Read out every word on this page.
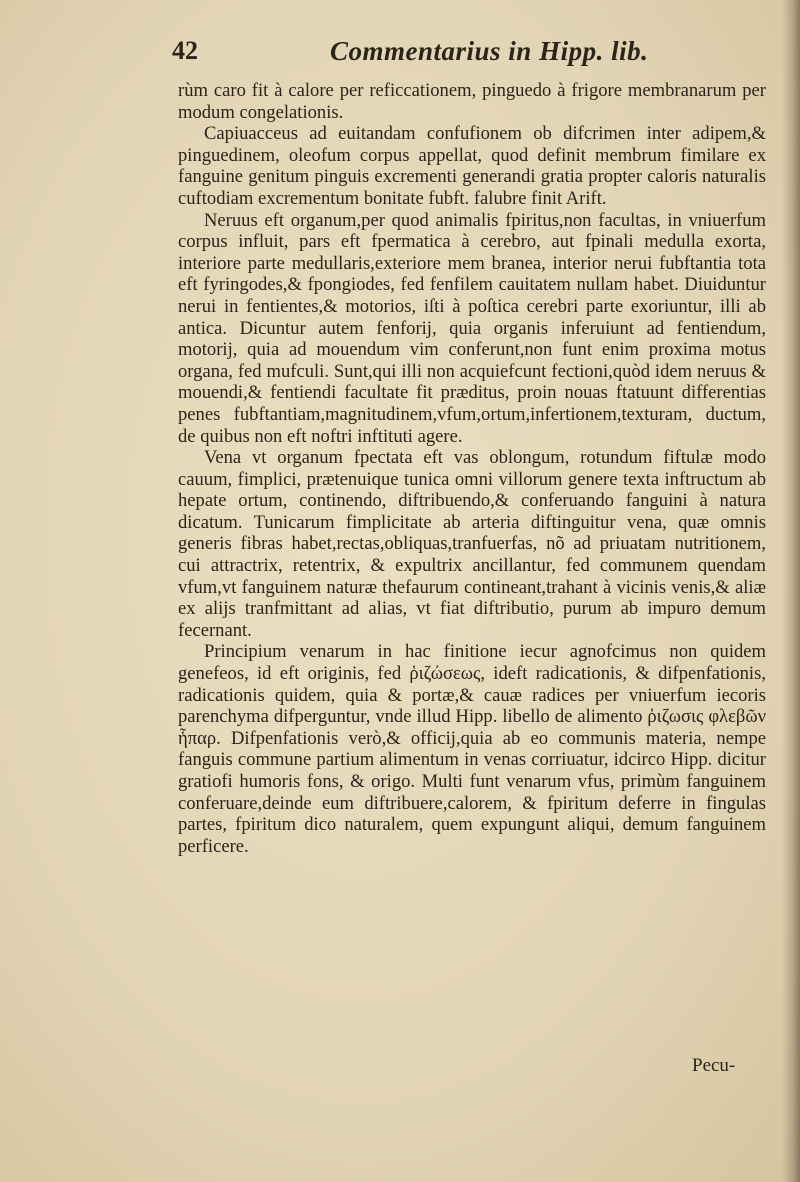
42	Commentarius in Hipp. lib.

rùm caro fit à calore per reficcationem, pinguedo à frigore membranarum per modum congelationis.

Capiuacceus ad euitandam confufionem ob difcrimen inter adipem,& pinguedinem, oleofum corpus appellat, quod definit membrum fimilare ex fanguine genitum pinguis excrementi generandi gratia propter caloris naturalis cuftodiam excrementum bonitate fubft. falubre finit Arift.

Neruus eft organum,per quod animalis fpiritus,non facultas, in vniuerfum corpus influit, pars eft fpermatica à cerebro, aut fpinali medulla exorta, interiore parte medullaris,exteriore mem branea, interior nerui fubftantia tota eft fyringodes,& fpongiodes, fed fenfilem cauitatem nullam habet. Diuiduntur nerui in fentientes,& motorios, iſti à poſtica cerebri parte exoriuntur, illi ab antica. Dicuntur autem fenforij, quia organis inferuiunt ad fentiendum, motorij, quia ad mouendum vim conferunt,non funt enim proxima motus organa, fed mufculi. Sunt,qui illi non acquiefcunt fectioni,quòd idem neruus & mouendi,& fentiendi facultate fit præditus, proin nouas ftatuunt differentias penes fubftantiam,magnitudinem,vfum,ortum,infertionem,texturam, ductum, de quibus non eft noftri inftituti agere.

Vena vt organum fpectata eft vas oblongum, rotundum fiftulæ modo cauum, fimplici, prætenuique tunica omni villorum genere texta inftructum ab hepate ortum, continendo, diftribuendo,& conferuando fanguini à natura dicatum. Tunicarum fimplicitate ab arteria diftinguitur vena, quæ omnis generis fibras habet,rectas,obliquas,tranfuerfas, nõ ad priuatam nutritionem, cui attractrix, retentrix, & expultrix ancillantur, fed communem quendam vfum,vt fanguinem naturæ thefaurum contineant,trahant à vicinis venis,& aliæ ex alijs tranfmittant ad alias, vt fiat diftributio, purum ab impuro demum fecernant.

Principium venarum in hac finitione iecur agnofcimus non quidem genefeos, id eft originis, fed ῥιζώσεως, ideft radicationis, & difpenfationis, radicationis quidem, quia & portæ,& cauæ radices per vniuerfum iecoris parenchyma difperguntur, vnde illud Hipp. libello de alimento ῥιζωσις φλεβῶν ἧπαρ. Difpenfationis verò,& officij,quia ab eo communis materia, nempe fanguis commune partium alimentum in venas corriuatur, idcirco Hipp. dicitur gratiofi humoris fons, & origo. Multi funt venarum vfus, primùm fanguinem conferuare,deinde eum diftribuere,calorem, & fpiritum deferre in fingulas partes, fpiritum dico naturalem, quem expungunt aliqui, demum fanguinem perficere.

Pecu-
